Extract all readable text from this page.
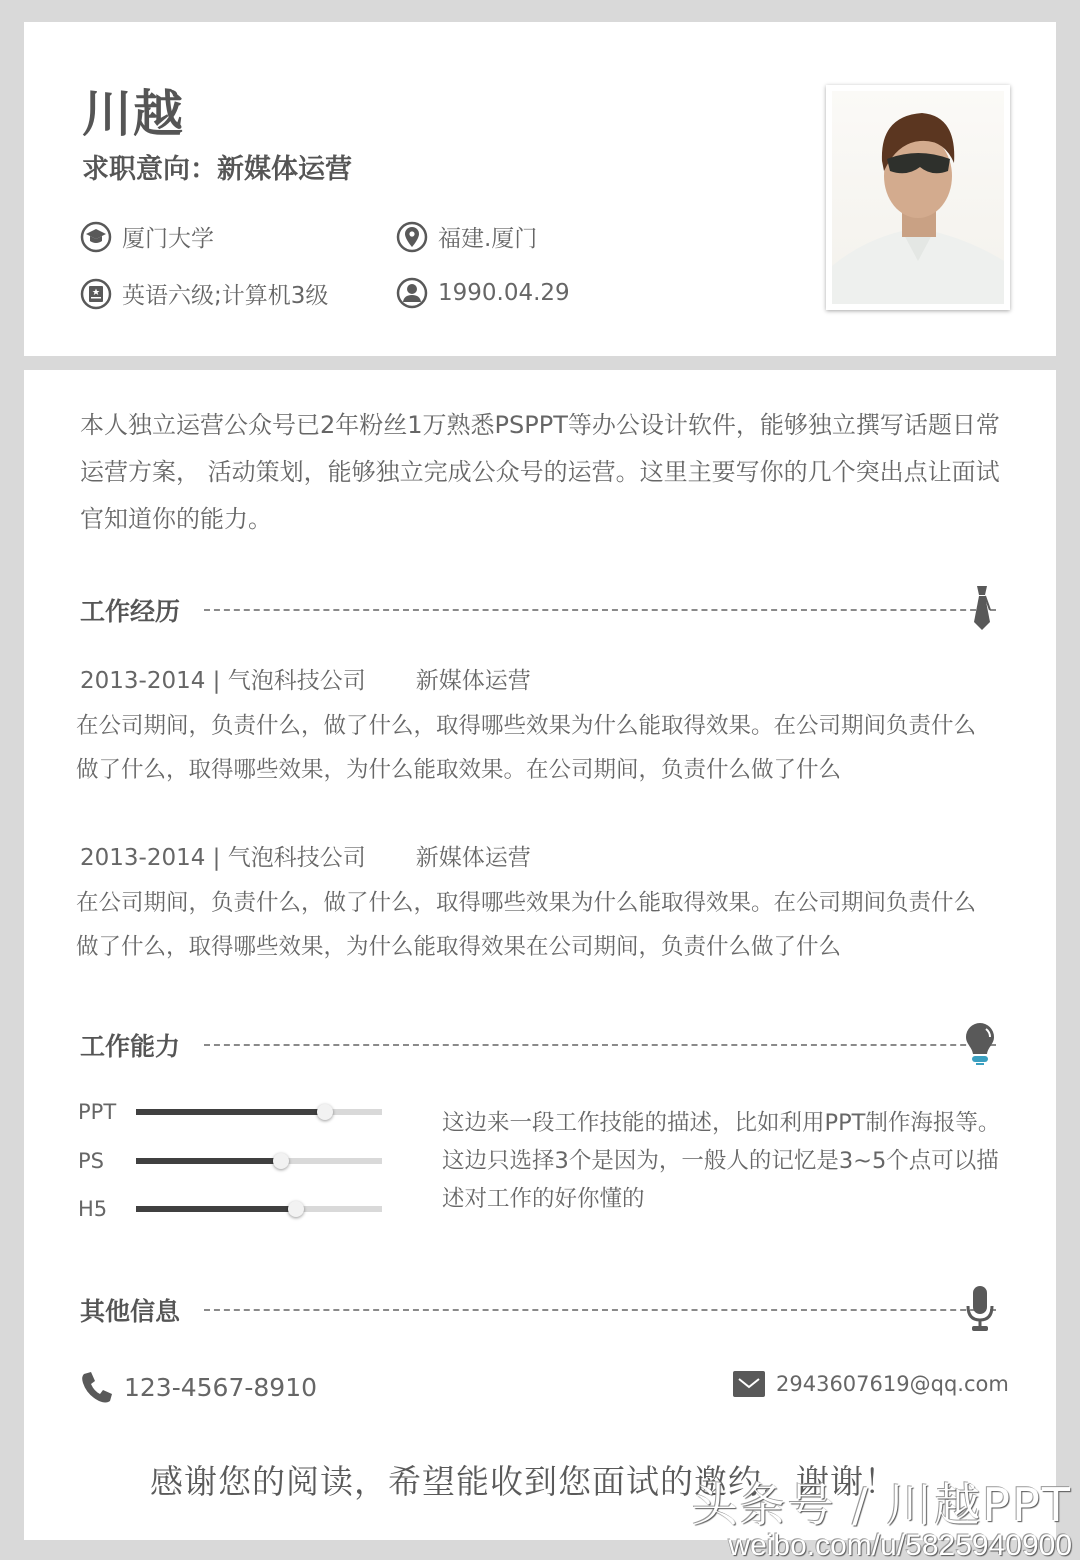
川越
求职意向：新媒体运营
厦门大学	福建.厦门
英语六级;计算机3级	1990.04.29
本人独立运营公众号已2年粉丝1万熟悉PSPPT等办公设计软件，能够独立撰写话题日常运营方案， 活动策划，能够独立完成公众号的运营。这里主要写你的几个突出点让面试官知道你的能力。
工作经历
2013-2014 | 气泡科技公司 新媒体运营
在公司期间，负责什么，做了什么，取得哪些效果为什么能取得效果。在公司期间负责什么做了什么，取得哪些效果，为什么能取效果。在公司期间，负责什么做了什么
2013-2014 | 气泡科技公司 新媒体运营
在公司期间，负责什么，做了什么，取得哪些效果为什么能取得效果。在公司期间负责什么做了什么，取得哪些效果，为什么能取得效果在公司期间，负责什么做了什么
工作能力
PPT
PS
H5
这边来一段工作技能的描述，比如利用PPT制作海报等。这边只选择3个是因为，一般人的记忆是3~5个点可以描述对工作的好你懂的
其他信息
123-4567-8910	2943607619@qq.com
感谢您的阅读，希望能收到您面试的邀约，谢谢！
头条号 / 川越PPT
weibo.com/u/5825940900
